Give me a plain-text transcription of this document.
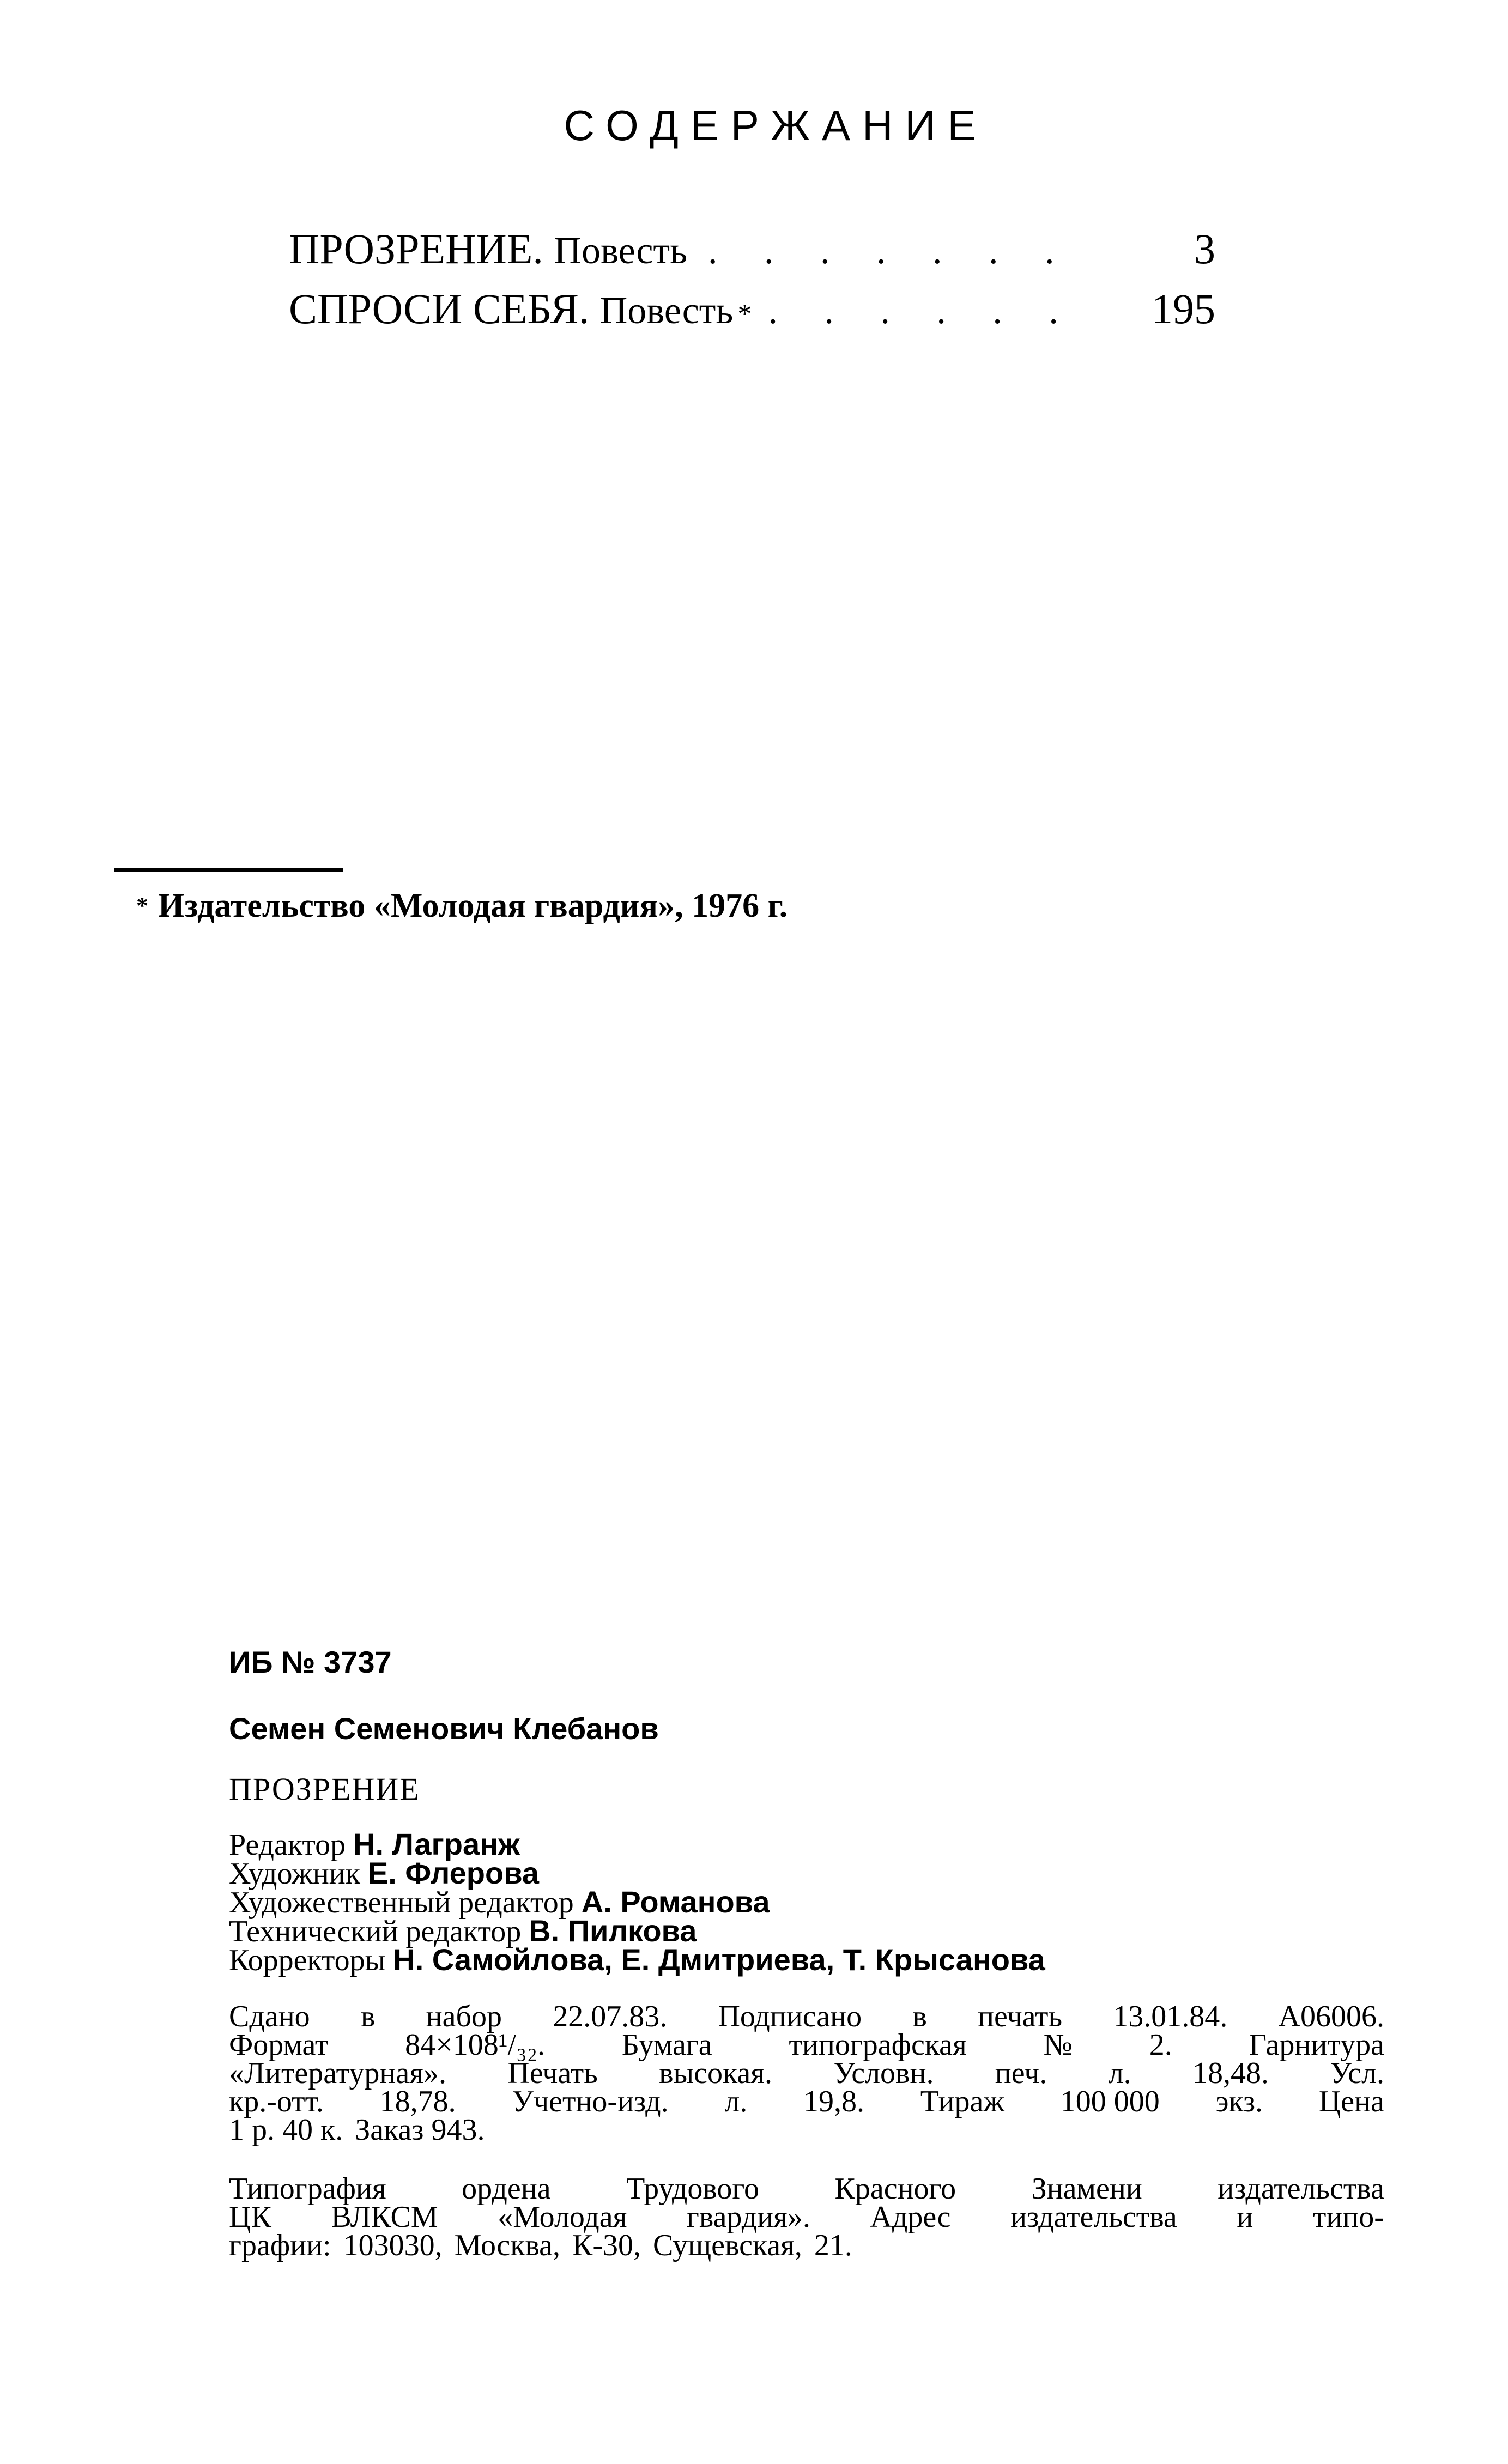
СОДЕРЖАНИЕ
ПРОЗРЕНИЕ. Повесть . . . . . . .	3
СПРОСИ СЕБЯ. Повесть * . . . . . .	195
* Издательство «Молодая гвардия», 1976 г.
ИБ № 3737
Семен Семенович Клебанов
ПРОЗРЕНИЕ
Редактор Н. Лагранж
Художник Е. Флерова
Художественный редактор А. Романова
Технический редактор В. Пилкова
Корректоры Н. Самойлова, Е. Дмитриева, Т. Крысанова
Сдано в набор 22.07.83. Подписано в печать 13.01.84. А06006.
Формат	84×108¹/₃₂.	Бумага	типографская	№	2.	Гарнитура
«Литературная». Печать высокая. Условн. печ. л. 18,48. Усл.
кр.-отт. 18,78. Учетно-изд. л. 19,8. Тираж 100 000 экз. Цена
1 р. 40 к. Заказ 943.
Типография ордена Трудового Красного Знамени издательства
ЦК ВЛКСМ «Молодая гвардия». Адрес издательства и типо-
графии: 103030, Москва, К-30, Сущевская, 21.
